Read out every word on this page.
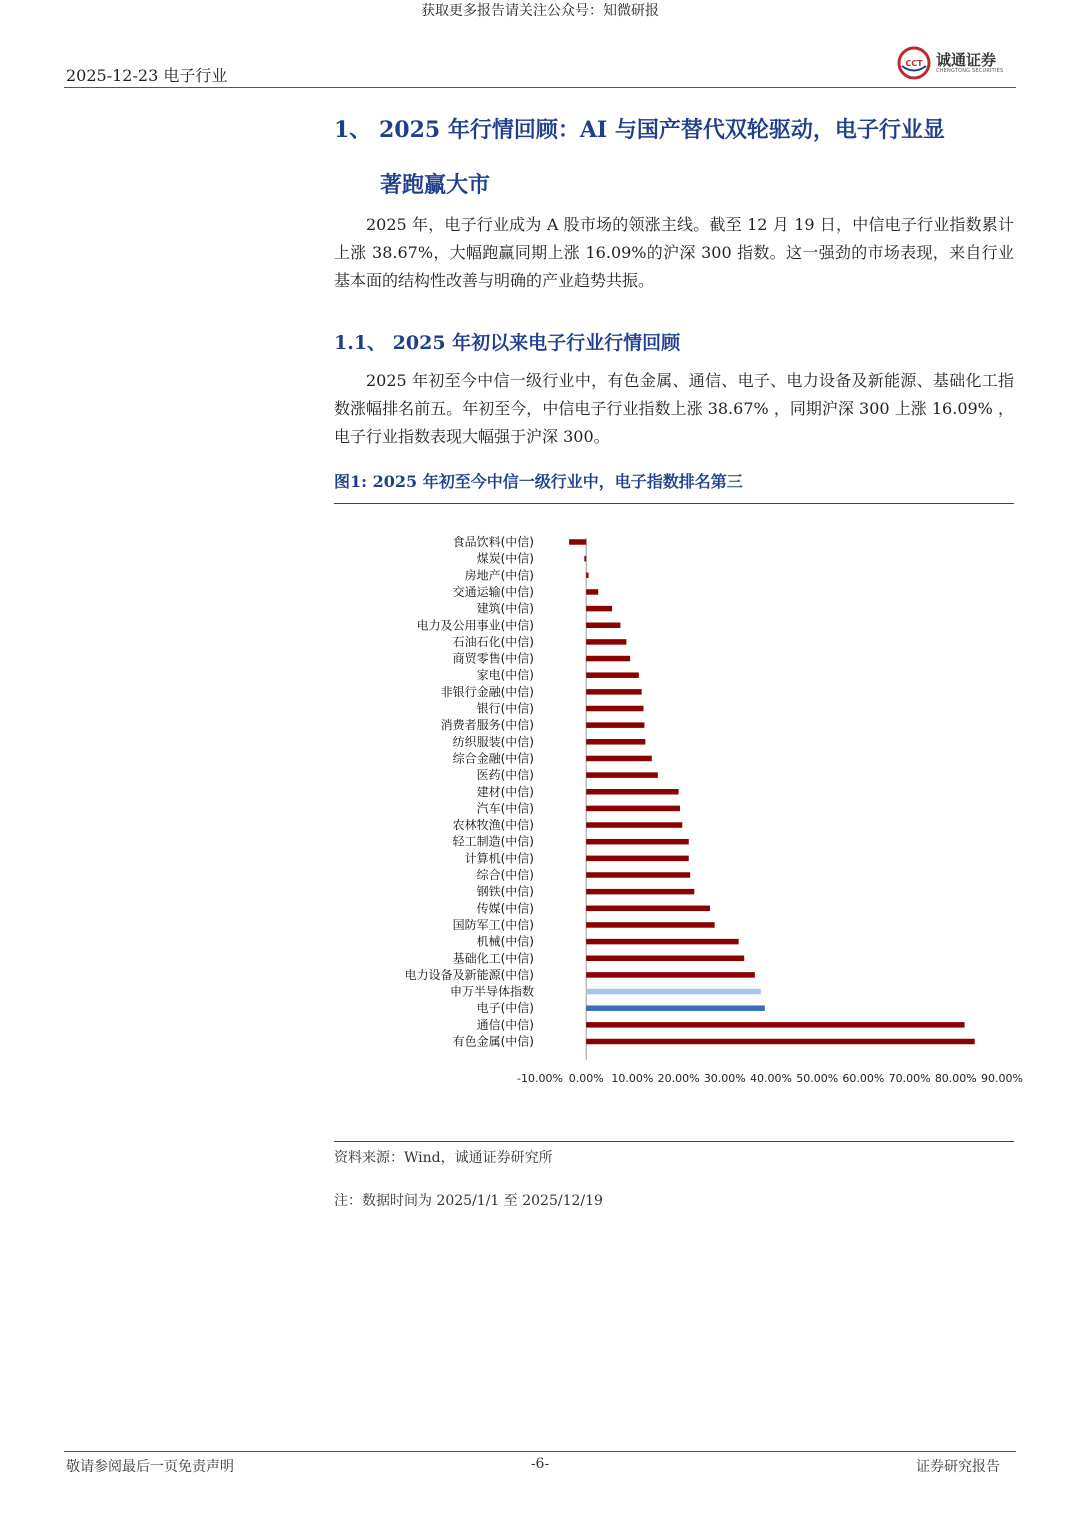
获取更多报告请关注公众号：知微研报
2025-12-23 电子行业
CCT 诚通证券
CHENGTONG SECURITIES
1、 2025 年行情回顾：AI 与国产替代双轮驱动，电子行业显
著跑赢大市
2025 年，电子行业成为 A 股市场的领涨主线。截至 12 月 19 日，中信电子行业指数累计上涨 38.67%，大幅跑赢同期上涨 16.09%的沪深 300 指数。这一强劲的市场表现，来自行业基本面的结构性改善与明确的产业趋势共振。
1.1、 2025 年初以来电子行业行情回顾
2025 年初至今中信一级行业中，有色金属、通信、电子、电力设备及新能源、基础化工指数涨幅排名前五。年初至今，中信电子行业指数上涨 38.67% ，同期沪深 300 上涨 16.09% ，电子行业指数表现大幅强于沪深 300。
图1: 2025 年初至今中信一级行业中，电子指数排名第三
食品饮料(中信)
煤炭(中信)
房地产(中信)
交通运输(中信)
建筑(中信)
电力及公用事业(中信)
石油石化(中信)
商贸零售(中信)
家电(中信)
非银行金融(中信)
银行(中信)
消费者服务(中信)
纺织服装(中信)
综合金融(中信)
医药(中信)
建材(中信)
汽车(中信)
农林牧渔(中信)
轻工制造(中信)
计算机(中信)
综合(中信)
钢铁(中信)
传媒(中信)
国防军工(中信)
机械(中信)
基础化工(中信)
电力设备及新能源(中信)
申万半导体指数
电子(中信)
通信(中信)
有色金属(中信)
-10.00% 0.00% 10.00% 20.00% 30.00% 40.00% 50.00% 60.00% 70.00% 80.00% 90.00%
资料来源：Wind，诚通证券研究所
注：数据时间为 2025/1/1 至 2025/12/19
敬请参阅最后一页免责声明	-6-	证券研究报告
